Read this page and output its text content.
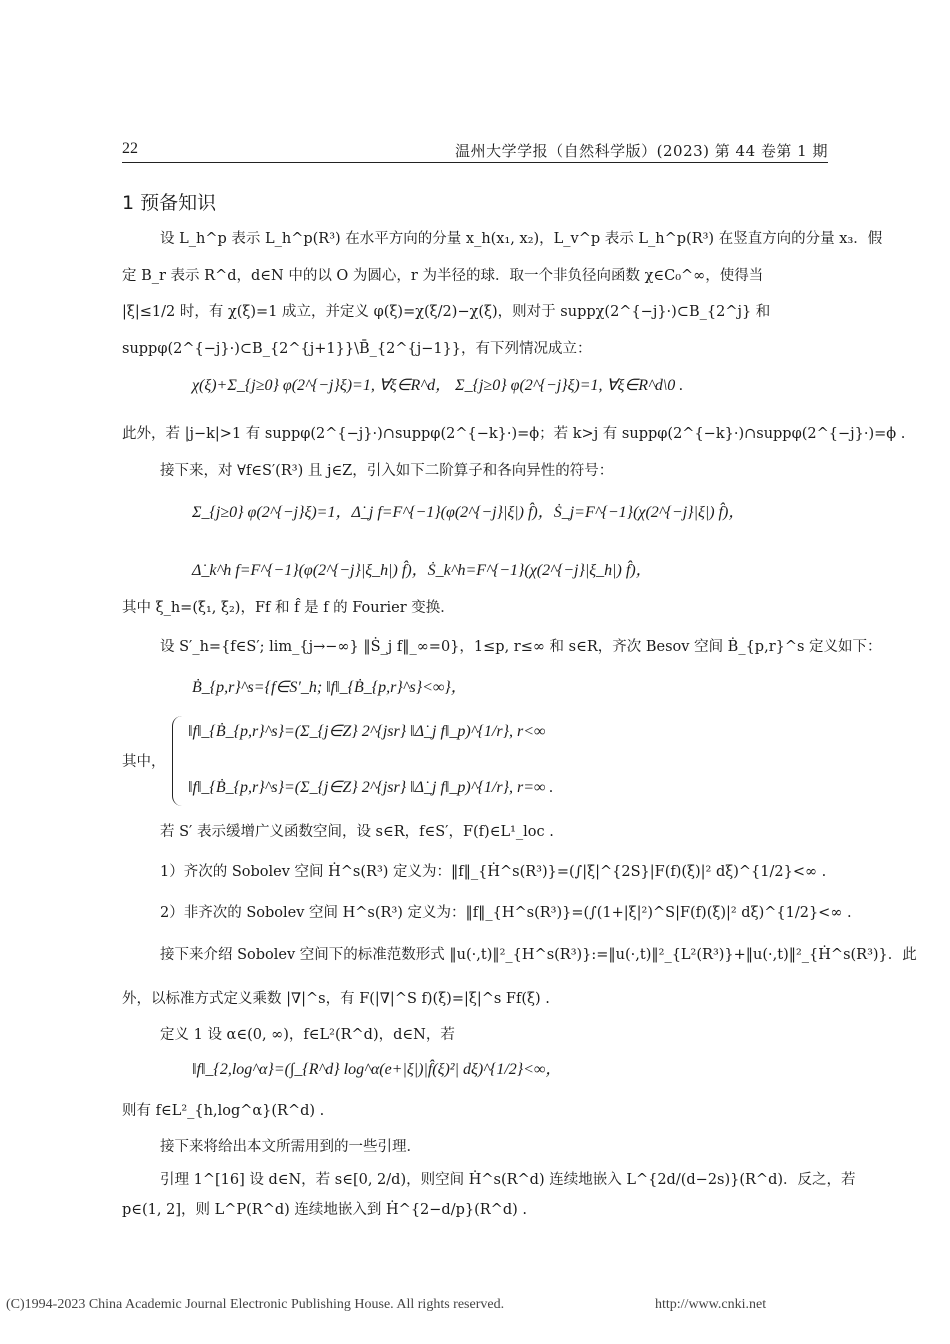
22	温州大学学报（自然科学版）(2023) 第 44 卷第 1 期
1 预备知识
设 L_h^p 表示 L_h^p(R³) 在水平方向的分量 x_h(x₁, x₂)，L_v^p 表示 L_h^p(R³) 在竖直方向的分量 x₃．假
定 B_r 表示 R^d，d∈N 中的以 O 为圆心，r 为半径的球．取一个非负径向函数 χ∈C₀^∞，使得当
|ξ|≤1/2 时，有 χ(ξ)=1 成立，并定义 φ(ξ)=χ(ξ/2)−χ(ξ)，则对于 suppχ(2^{−j}·)⊂B_{2^j} 和
suppφ(2^{−j}·)⊂B_{2^{j+1}}\B̄_{2^{j−1}}，有下列情况成立：
χ(ξ)+Σ_{j≥0} φ(2^{−j}ξ)=1, ∀ξ∈R^d， Σ_{j≥0} φ(2^{−j}ξ)=1, ∀ξ∈R^d\0 .
此外，若 |j−k|>1 有 suppφ(2^{−j}·)∩suppφ(2^{−k}·)=ϕ；若 k>j 有 suppφ(2^{−k}·)∩suppφ(2^{−j}·)=ϕ .
接下来，对 ∀f∈S′(R³) 且 j∈Z，引入如下二阶算子和各向异性的符号：
Σ_{j≥0} φ(2^{−j}ξ)=1，Δ̇_j f=F^{−1}(φ(2^{−j}|ξ|) f̂)，Ṡ_j=F^{−1}(χ(2^{−j}|ξ|) f̂)，
Δ̇_k^h f=F^{−1}(φ(2^{−j}|ξ_h|) f̂)，Ṡ_k^h=F^{−1}(χ(2^{−j}|ξ_h|) f̂)，
其中 ξ_h=(ξ₁, ξ₂)，Ff 和 f̂ 是 f 的 Fourier 变换．
设 S′_h={f∈S′; lim_{j→−∞} ‖Ṡ_j f‖_∞=0}，1≤p, r≤∞ 和 s∈R，齐次 Besov 空间 Ḃ_{p,r}^s 定义如下：
Ḃ_{p,r}^s={f∈S′_h; ‖f‖_{Ḃ_{p,r}^s}<∞}，
‖f‖_{Ḃ_{p,r}^s}=(Σ_{j∈Z} 2^{jsr} ‖Δ̇_j f‖_p)^{1/r}, r<∞
其中，
‖f‖_{Ḃ_{p,r}^s}=(Σ_{j∈Z} 2^{jsr} ‖Δ̇_j f‖_p)^{1/r}, r=∞ .
若 S′ 表示缓增广义函数空间，设 s∈R，f∈S′，F(f)∈L¹_loc .
1）齐次的 Sobolev 空间 Ḣ^s(R³) 定义为：‖f‖_{Ḣ^s(R³)}=(∫|ξ|^{2S}|F(f)(ξ)|² dξ)^{1/2}<∞ .
2）非齐次的 Sobolev 空间 H^s(R³) 定义为：‖f‖_{H^s(R³)}=(∫(1+|ξ|²)^S|F(f)(ξ)|² dξ)^{1/2}<∞ .
接下来介绍 Sobolev 空间下的标准范数形式 ‖u(·,t)‖²_{H^s(R³)}:=‖u(·,t)‖²_{L²(R³)}+‖u(·,t)‖²_{Ḣ^s(R³)}．此
外，以标准方式定义乘数 |∇|^s，有 F(|∇|^S f)(ξ)=|ξ|^s Ff(ξ) .
定义 1 设 α∈(0, ∞)，f∈L²(R^d)，d∈N，若
‖f‖_{2,log^α}=(∫_{R^d} log^α(e+|ξ|)|f̂(ξ)²| dξ)^{1/2}<∞，
则有 f∈L²_{h,log^α}(R^d) .
接下来将给出本文所需用到的一些引理．
引理 1^[16] 设 d∈N，若 s∈[0, 2/d)，则空间 Ḣ^s(R^d) 连续地嵌入 L^{2d/(d−2s)}(R^d)．反之，若
p∈(1, 2]，则 L^P(R^d) 连续地嵌入到 Ḣ^{2−d/p}(R^d) .
(C)1994-2023 China Academic Journal Electronic Publishing House. All rights reserved.	http://www.cnki.net
